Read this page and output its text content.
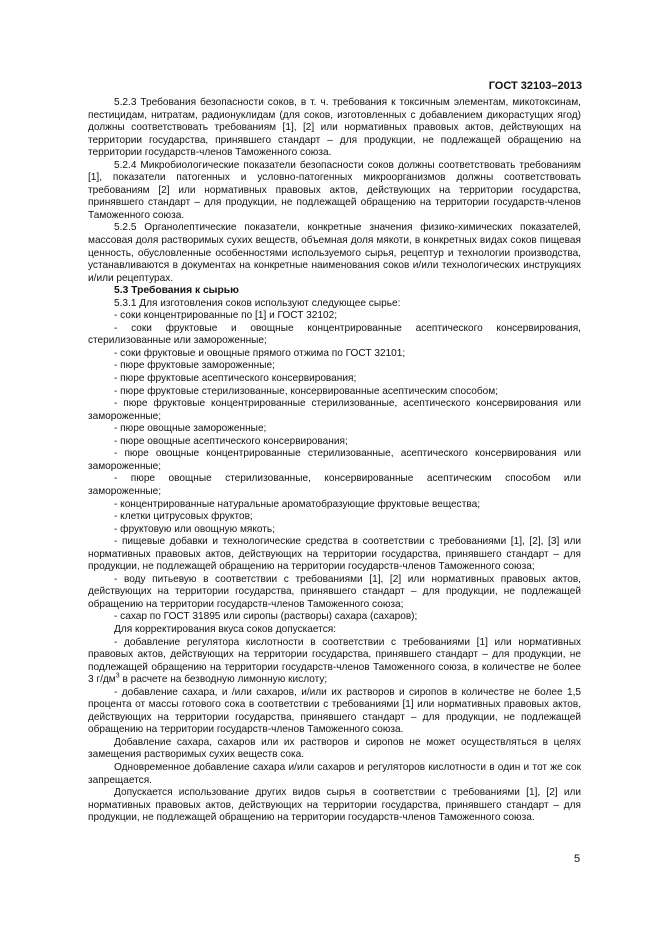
ГОСТ 32103–2013

5.2.3 Требования безопасности соков, в т. ч. требования к токсичным элементам, микотоксинам, пестицидам, нитратам, радионуклидам (для соков, изготовленных с добавлением дикорастущих ягод) должны соответствовать требованиям [1], [2] или нормативных правовых актов, действующих на территории государства, принявшего стандарт – для продукции, не подлежащей обращению на территории государств-членов Таможенного союза.

5.2.4 Микробиологические показатели безопасности соков должны соответствовать требованиям [1], показатели патогенных и условно-патогенных микроорганизмов должны соответствовать требованиям [2] или нормативных правовых актов, действующих на территории государства, принявшего стандарт – для продукции, не подлежащей обращению на территории государств-членов Таможенного союза.

5.2.5 Органолептические показатели, конкретные значения физико-химических показателей, массовая доля растворимых сухих веществ, объемная доля мякоти, в конкретных видах соков пищевая ценность, обусловленные особенностями используемого сырья, рецептур и технологии производства, устанавливаются в документах на конкретные наименования соков и/или технологических инструкциях и/или рецептурах.

5.3 Требования к сырью

5.3.1 Для изготовления соков используют следующее сырье:

- соки концентрированные по [1] и ГОСТ 32102;

- соки фруктовые и овощные концентрированные асептического консервирования, стерилизованные или замороженные;

- соки фруктовые и овощные прямого отжима по ГОСТ 32101;

- пюре фруктовые замороженные;

- пюре фруктовые асептического консервирования;

- пюре фруктовые стерилизованные, консервированные асептическим способом;

- пюре фруктовые концентрированные стерилизованные, асептического консервирования или замороженные;

- пюре овощные замороженные;

- пюре овощные асептического консервирования;

- пюре овощные концентрированные стерилизованные, асептического консервирования или замороженные;

- пюре овощные стерилизованные, консервированные асептическим способом или замороженные;

- концентрированные натуральные ароматобразующие фруктовые вещества;

- клетки цитрусовых фруктов;

- фруктовую или овощную мякоть;

- пищевые добавки и технологические средства в соответствии с требованиями [1], [2], [3] или нормативных правовых актов, действующих на территории государства, принявшего стандарт – для продукции, не подлежащей обращению на территории государств-членов Таможенного союза;

- воду питьевую в соответствии с требованиями [1], [2] или нормативных правовых актов, действующих на территории государства, принявшего стандарт – для продукции, не подлежащей обращению на территории государств-членов Таможенного союза;

- сахар по ГОСТ 31895 или сиропы (растворы) сахара (сахаров);

Для корректирования вкуса соков допускается:

- добавление регулятора кислотности в соответствии с требованиями [1] или нормативных правовых актов, действующих на территории государства, принявшего стандарт – для продукции, не подлежащей обращению на территории государств-членов Таможенного союза, в количестве не более 3 $г/дм^3$ в расчете на безводную лимонную кислоту;

- добавление сахара, и /или сахаров, и/или их растворов и сиропов в количестве не более 1,5 процента от массы готового сока в соответствии с требованиями [1] или нормативных правовых актов, действующих на территории государства, принявшего стандарт – для продукции, не подлежащей обращению на территории государств-членов Таможенного союза.

Добавление сахара, сахаров или их растворов и сиропов не может осуществляться в целях замещения растворимых сухих веществ сока.

Одновременное добавление сахара и/или сахаров и регуляторов кислотности в один и тот же сок запрещается.

Допускается использование других видов сырья в соответствии с требованиями [1], [2] или нормативных правовых актов, действующих на территории государства, принявшего стандарт – для продукции, не подлежащей обращению на территории государств-членов Таможенного союза.

5
